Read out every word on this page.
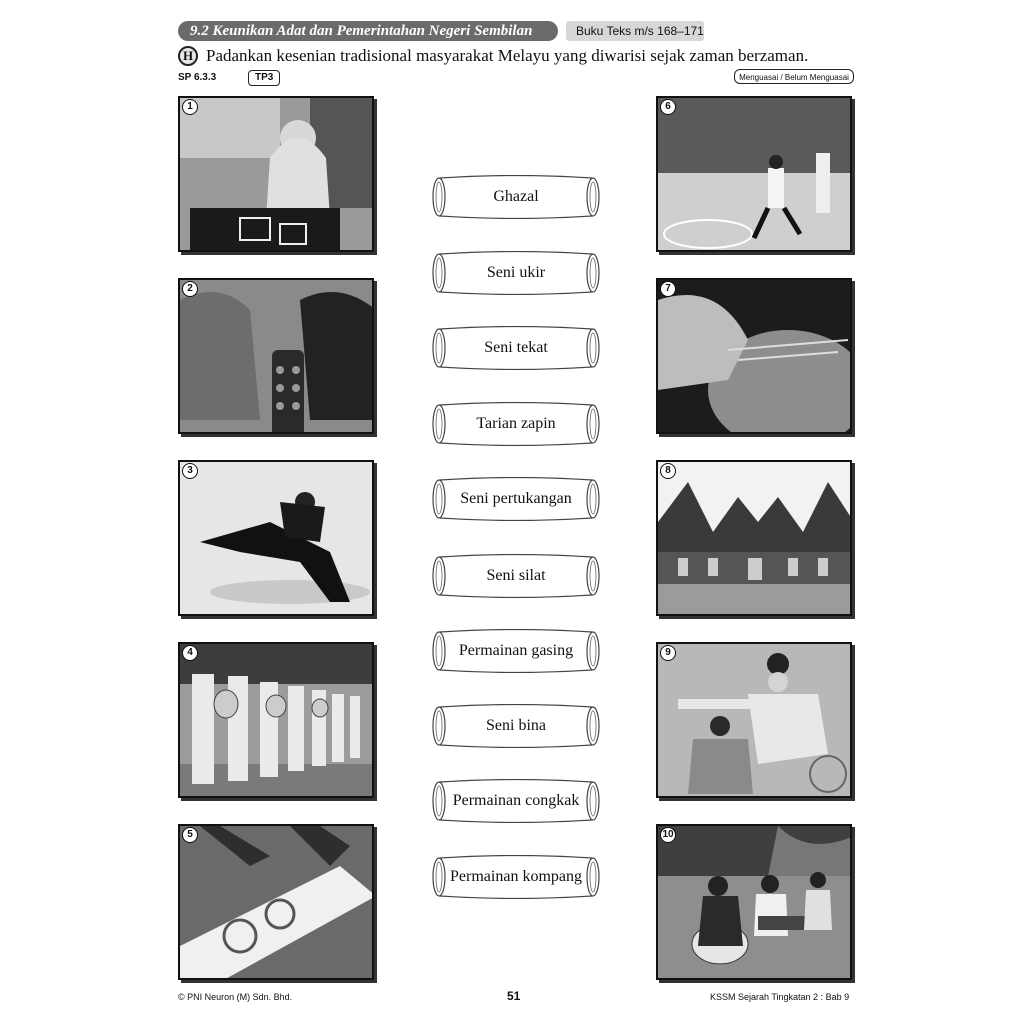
9.2 Keunikan Adat dan Pemerintahan Negeri Sembilan	Buku Teks m/s 168–171
H Padankan kesenian tradisional masyarakat Melayu yang diwarisi sejak zaman berzaman.
SP 6.3.3	TP3	Menguasai / Belum Menguasai
1
2
3
4
5
6
7
8
9
10
Ghazal
Seni ukir
Seni tekat
Tarian zapin
Seni pertukangan
Seni silat
Permainan gasing
Seni bina
Permainan congkak
Permainan kompang
© PNI Neuron (M) Sdn. Bhd.	51	KSSM Sejarah Tingkatan 2 : Bab 9
